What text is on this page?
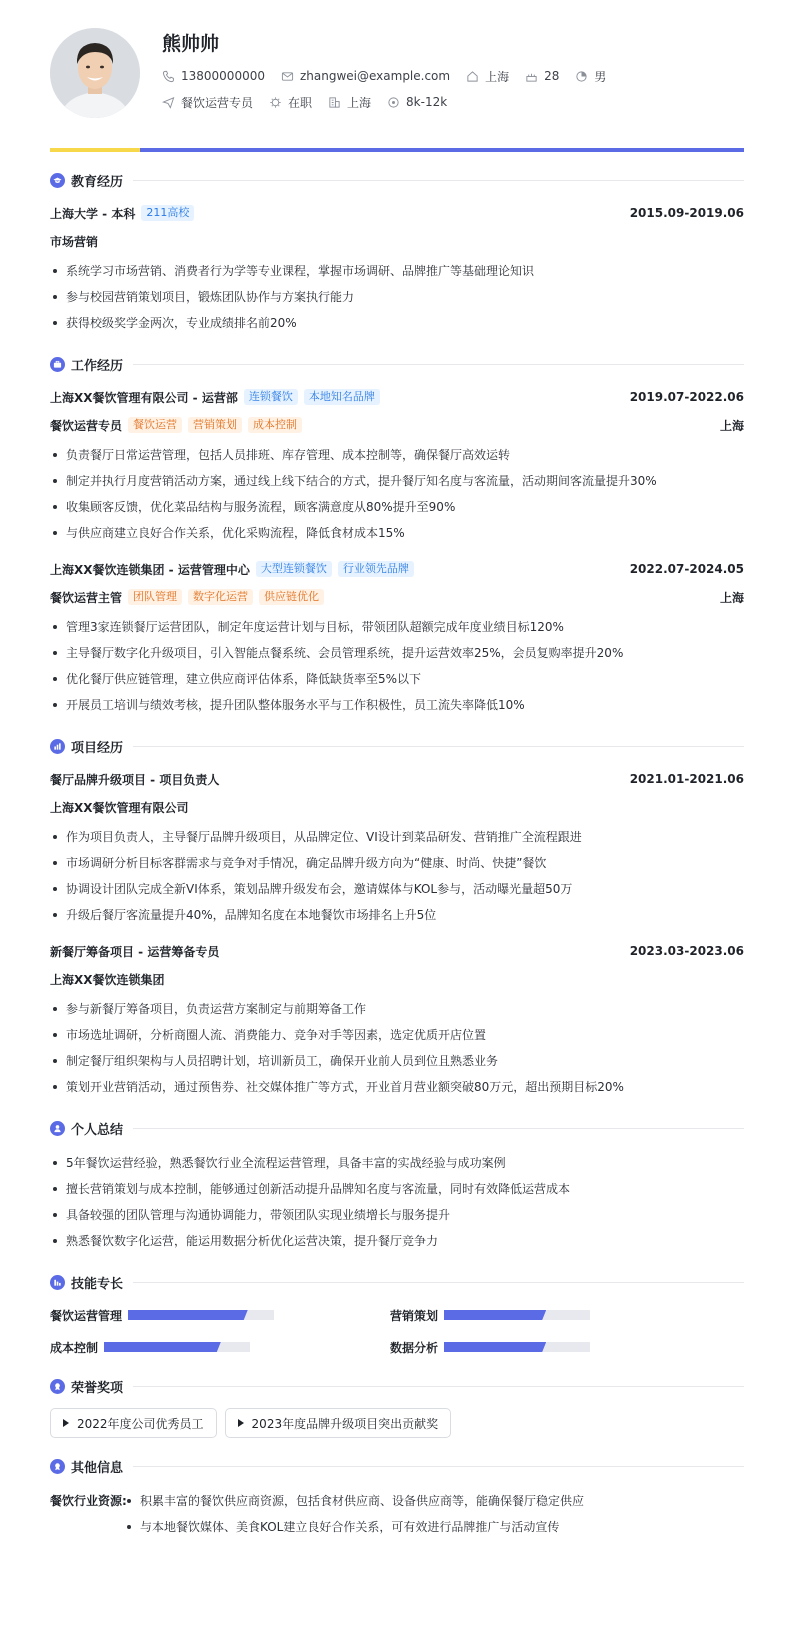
熊帅帅
13800000000	zhangwei@example.com	上海	28	男
餐饮运营专员	在职	上海	8k-12k
教育经历
上海大学 - 本科	211高校	2015.09-2019.06
市场营销
系统学习市场营销、消费者行为学等专业课程，掌握市场调研、品牌推广等基础理论知识
参与校园营销策划项目，锻炼团队协作与方案执行能力
获得校级奖学金两次，专业成绩排名前20%
工作经历
上海XX餐饮管理有限公司 - 运营部	连锁餐饮	本地知名品牌	2019.07-2022.06
餐饮运营专员	餐饮运营	营销策划	成本控制	上海
负责餐厅日常运营管理，包括人员排班、库存管理、成本控制等，确保餐厅高效运转
制定并执行月度营销活动方案，通过线上线下结合的方式，提升餐厅知名度与客流量，活动期间客流量提升30%
收集顾客反馈，优化菜品结构与服务流程，顾客满意度从80%提升至90%
与供应商建立良好合作关系，优化采购流程，降低食材成本15%
上海XX餐饮连锁集团 - 运营管理中心	大型连锁餐饮	行业领先品牌	2022.07-2024.05
餐饮运营主管	团队管理	数字化运营	供应链优化	上海
管理3家连锁餐厅运营团队，制定年度运营计划与目标，带领团队超额完成年度业绩目标120%
主导餐厅数字化升级项目，引入智能点餐系统、会员管理系统，提升运营效率25%，会员复购率提升20%
优化餐厅供应链管理，建立供应商评估体系，降低缺货率至5%以下
开展员工培训与绩效考核，提升团队整体服务水平与工作积极性，员工流失率降低10%
项目经历
餐厅品牌升级项目 - 项目负责人	2021.01-2021.06
上海XX餐饮管理有限公司
作为项目负责人，主导餐厅品牌升级项目，从品牌定位、VI设计到菜品研发、营销推广全流程跟进
市场调研分析目标客群需求与竞争对手情况，确定品牌升级方向为“健康、时尚、快捷”餐饮
协调设计团队完成全新VI体系，策划品牌升级发布会，邀请媒体与KOL参与，活动曝光量超50万
升级后餐厅客流量提升40%，品牌知名度在本地餐饮市场排名上升5位
新餐厅筹备项目 - 运营筹备专员	2023.03-2023.06
上海XX餐饮连锁集团
参与新餐厅筹备项目，负责运营方案制定与前期筹备工作
市场选址调研，分析商圈人流、消费能力、竞争对手等因素，选定优质开店位置
制定餐厅组织架构与人员招聘计划，培训新员工，确保开业前人员到位且熟悉业务
策划开业营销活动，通过预售券、社交媒体推广等方式，开业首月营业额突破80万元，超出预期目标20%
个人总结
5年餐饮运营经验，熟悉餐饮行业全流程运营管理，具备丰富的实战经验与成功案例
擅长营销策划与成本控制，能够通过创新活动提升品牌知名度与客流量，同时有效降低运营成本
具备较强的团队管理与沟通协调能力，带领团队实现业绩增长与服务提升
熟悉餐饮数字化运营，能运用数据分析优化运营决策，提升餐厅竞争力
技能专长
餐饮运营管理	营销策划
成本控制	数据分析
荣誉奖项
2022年度公司优秀员工	2023年度品牌升级项目突出贡献奖
其他信息
餐饮行业资源:	积累丰富的餐饮供应商资源，包括食材供应商、设备供应商等，能确保餐厅稳定供应
与本地餐饮媒体、美食KOL建立良好合作关系，可有效进行品牌推广与活动宣传
